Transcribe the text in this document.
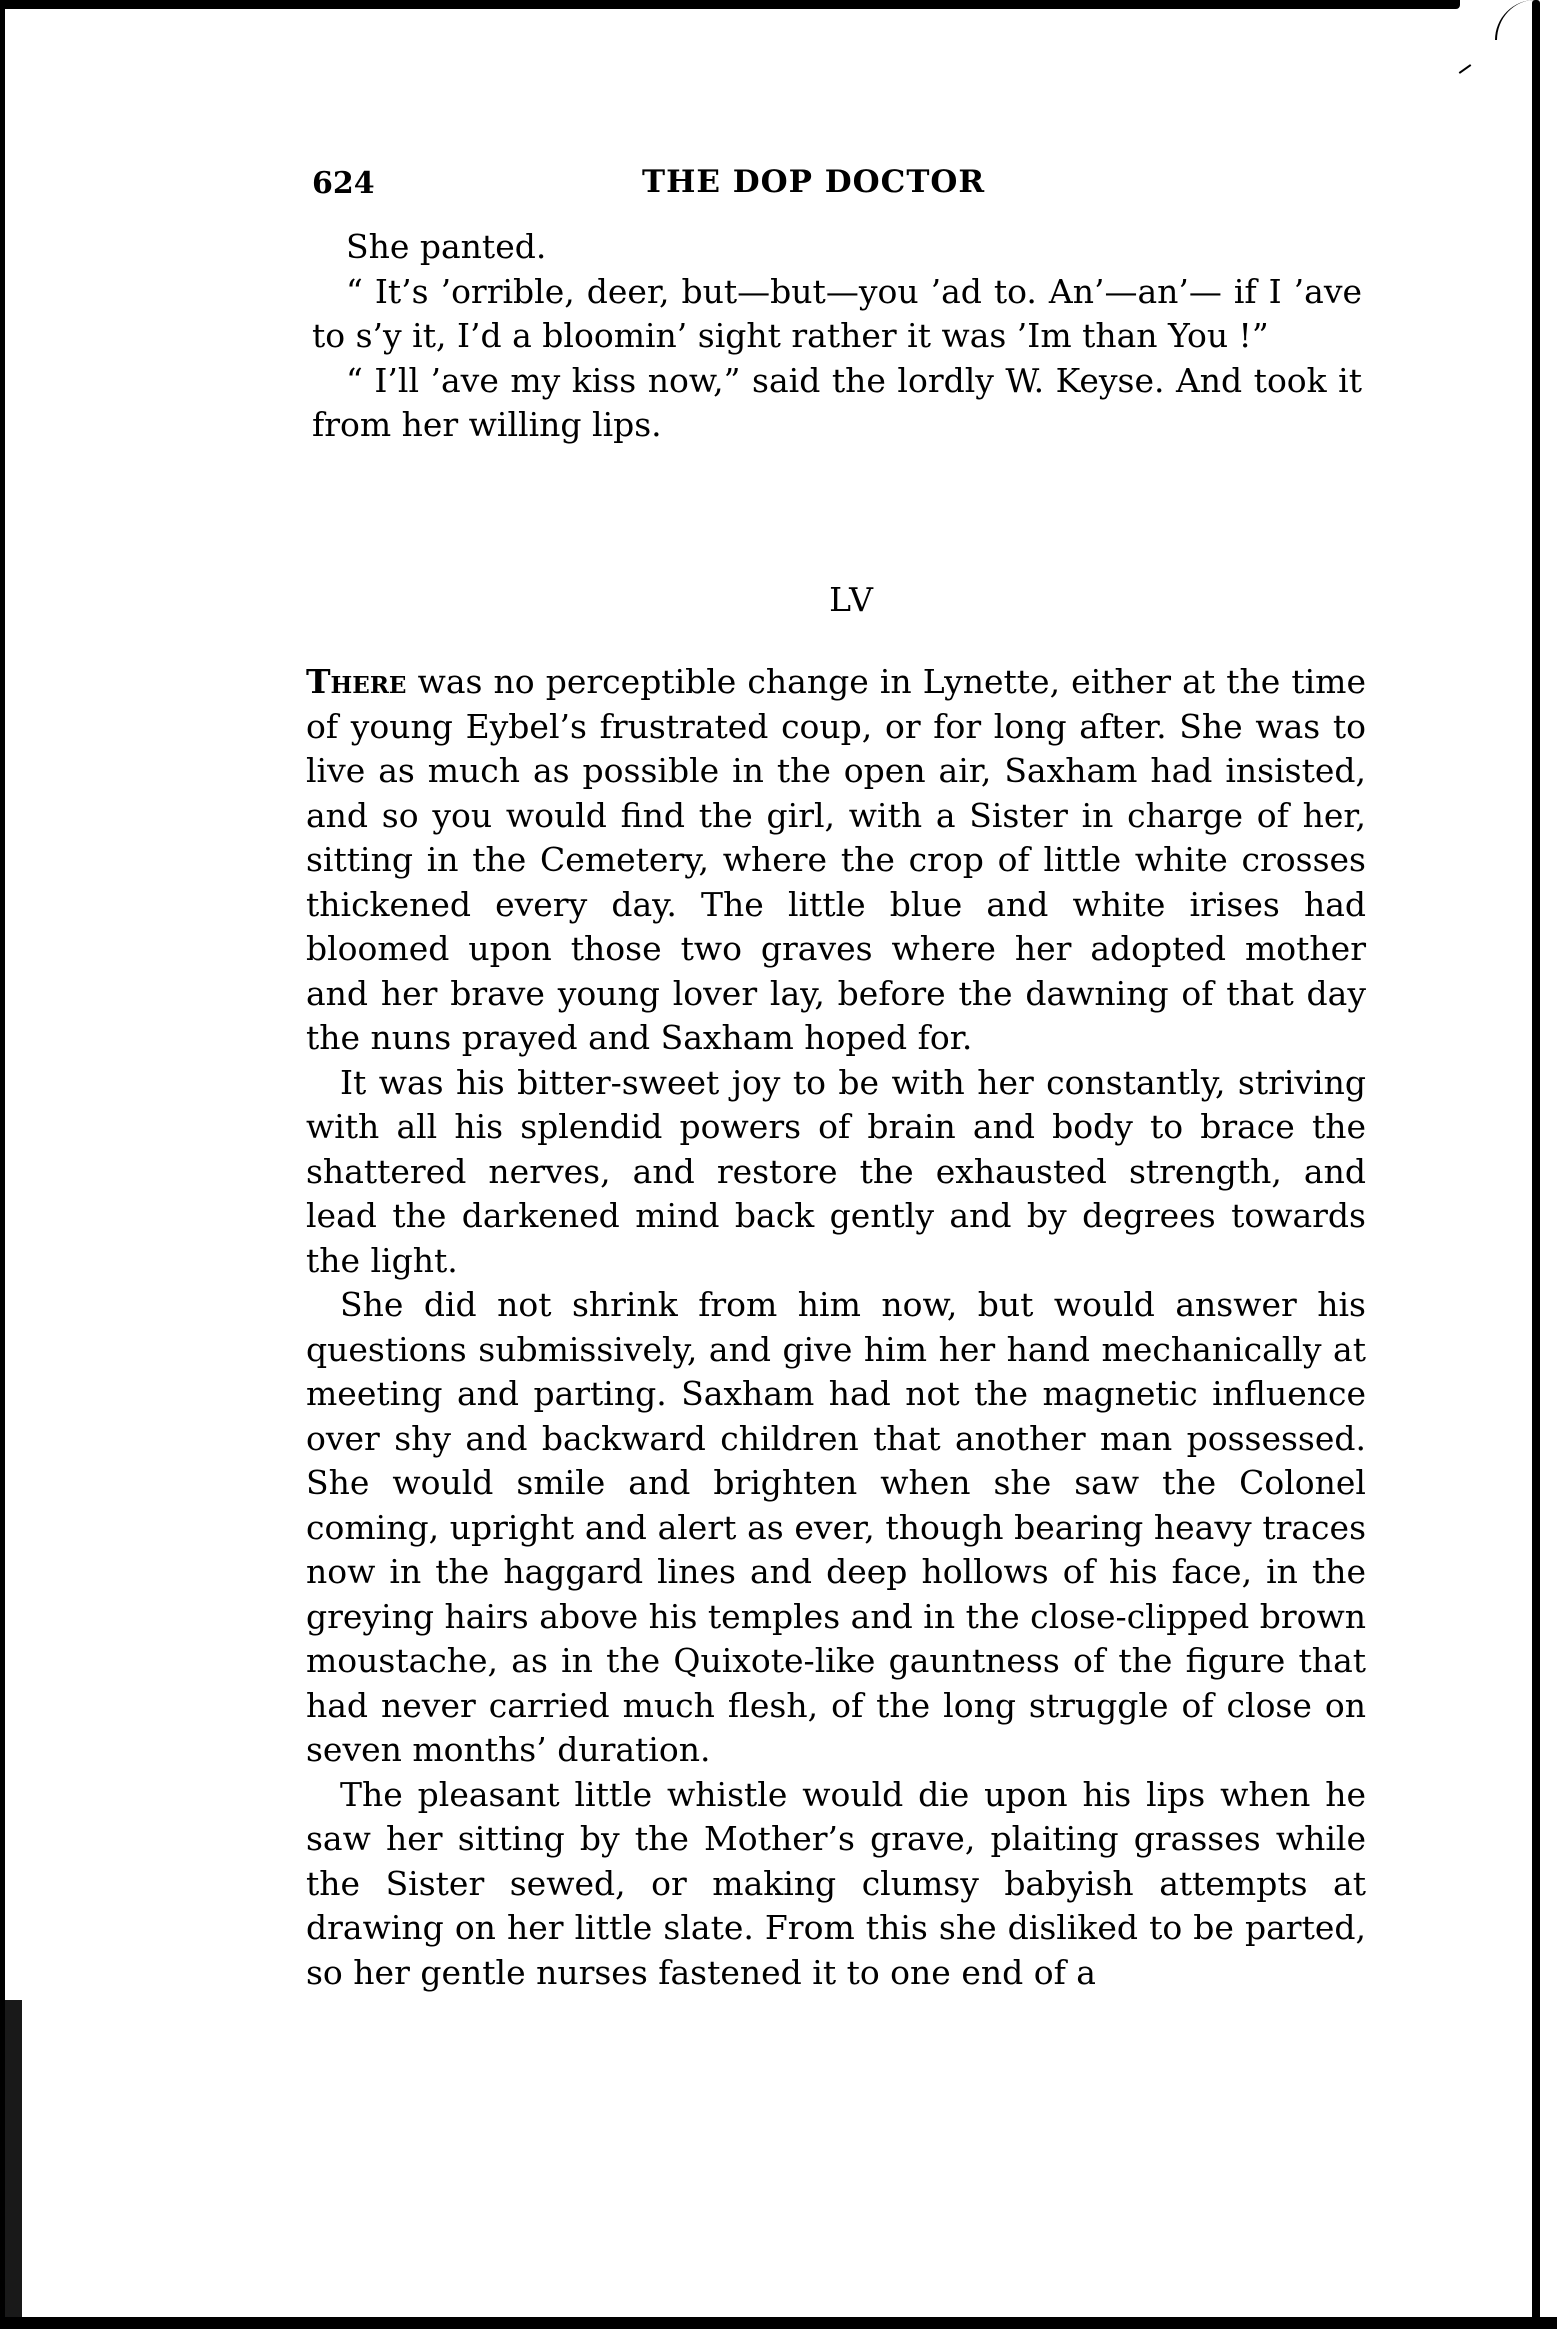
624	THE DOP DOCTOR

She panted.

“ It’s ’orrible, deer, but—but—you ’ad to. An’—an’— if I ’ave to s’y it, I’d a bloomin’ sight rather it was ’Im than You !”

“ I’ll ’ave my kiss now,” said the lordly W. Keyse. And took it from her willing lips.

LV

There was no perceptible change in Lynette, either at the time of young Eybel’s frustrated coup, or for long after. She was to live as much as possible in the open air, Saxham had insisted, and so you would find the girl, with a Sister in charge of her, sitting in the Cemetery, where the crop of little white crosses thickened every day. The little blue and white irises had bloomed upon those two graves where her adopted mother and her brave young lover lay, before the dawning of that day the nuns prayed and Saxham hoped for.

It was his bitter-sweet joy to be with her constantly, striving with all his splendid powers of brain and body to brace the shattered nerves, and restore the exhausted strength, and lead the darkened mind back gently and by degrees towards the light.

She did not shrink from him now, but would answer his questions submissively, and give him her hand mechanically at meeting and parting. Saxham had not the magnetic influence over shy and backward children that another man possessed. She would smile and brighten when she saw the Colonel coming, upright and alert as ever, though bearing heavy traces now in the haggard lines and deep hollows of his face, in the greying hairs above his temples and in the close-clipped brown moustache, as in the Quixote-like gauntness of the figure that had never carried much flesh, of the long struggle of close on seven months’ duration.

The pleasant little whistle would die upon his lips when he saw her sitting by the Mother’s grave, plaiting grasses while the Sister sewed, or making clumsy babyish attempts at drawing on her little slate. From this she disliked to be parted, so her gentle nurses fastened it to one end of a
